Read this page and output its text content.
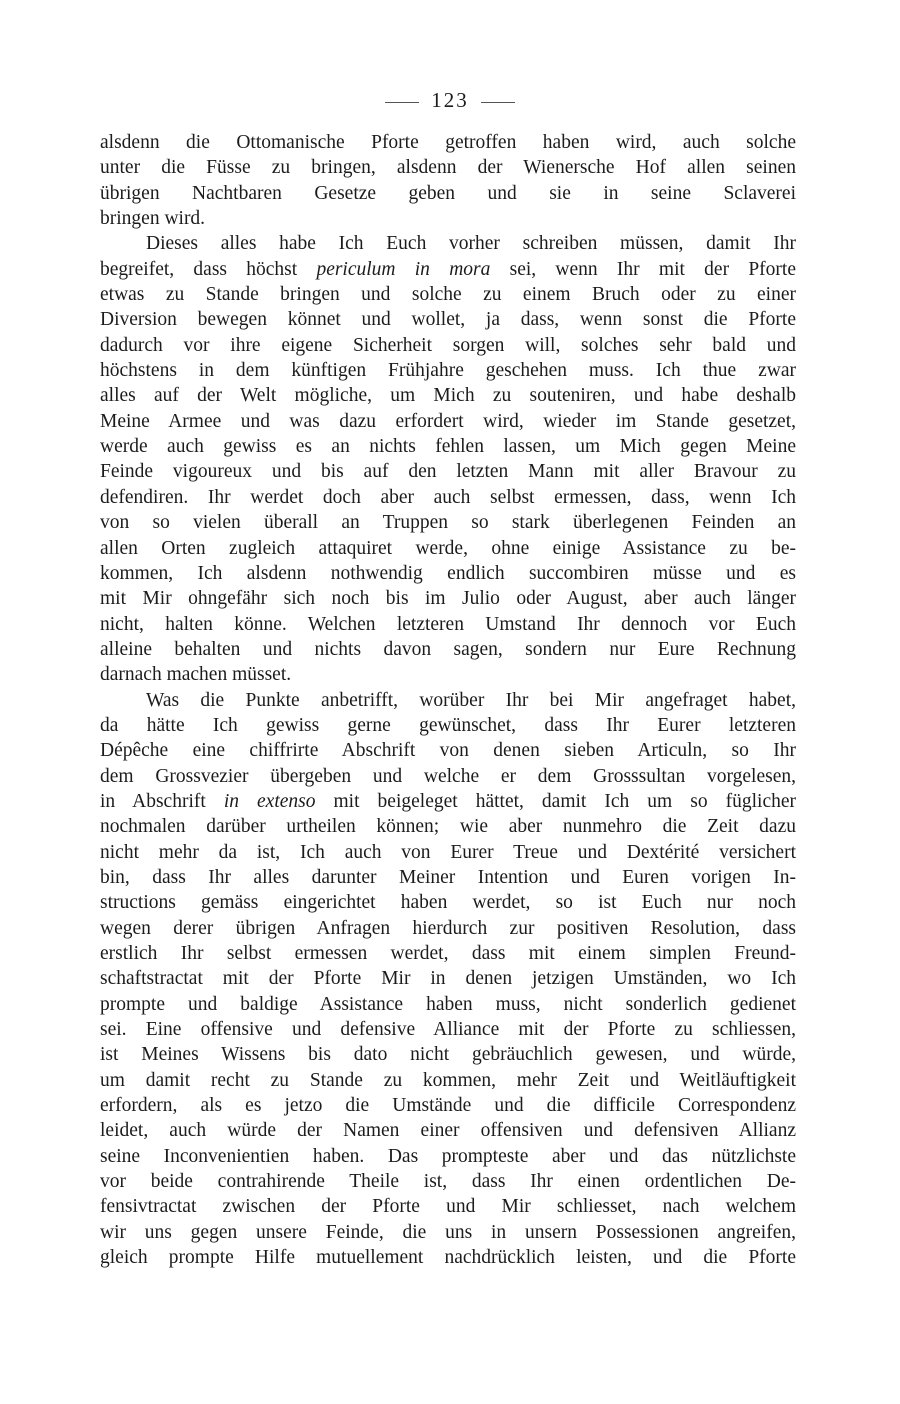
123
alsdenn die Ottomanische Pforte getroffen haben wird, auch solche
unter die Füsse zu bringen, alsdenn der Wienersche Hof allen seinen
übrigen Nachtbaren Gesetze geben und sie in seine Sclaverei
bringen wird.
Dieses alles habe Ich Euch vorher schreiben müssen, damit Ihr
begreifet, dass höchst periculum in mora sei, wenn Ihr mit der Pforte
etwas zu Stande bringen und solche zu einem Bruch oder zu einer
Diversion bewegen könnet und wollet, ja dass, wenn sonst die Pforte
dadurch vor ihre eigene Sicherheit sorgen will, solches sehr bald und
höchstens in dem künftigen Frühjahre geschehen muss. Ich thue zwar
alles auf der Welt mögliche, um Mich zu souteniren, und habe deshalb
Meine Armee und was dazu erfordert wird, wieder im Stande gesetzet,
werde auch gewiss es an nichts fehlen lassen, um Mich gegen Meine
Feinde vigoureux und bis auf den letzten Mann mit aller Bravour zu
defendiren. Ihr werdet doch aber auch selbst ermessen, dass, wenn Ich
von so vielen überall an Truppen so stark überlegenen Feinden an
allen Orten zugleich attaquiret werde, ohne einige Assistance zu be-
kommen, Ich alsdenn nothwendig endlich succombiren müsse und es
mit Mir ohngefähr sich noch bis im Julio oder August, aber auch länger
nicht, halten könne. Welchen letzteren Umstand Ihr dennoch vor Euch
alleine behalten und nichts davon sagen, sondern nur Eure Rechnung
darnach machen müsset.
Was die Punkte anbetrifft, worüber Ihr bei Mir angefraget habet,
da hätte Ich gewiss gerne gewünschet, dass Ihr Eurer letzteren
Dépêche eine chiffrirte Abschrift von denen sieben Articuln, so Ihr
dem Grossvezier übergeben und welche er dem Grosssultan vorgelesen,
in Abschrift in extenso mit beigeleget hättet, damit Ich um so füglicher
nochmalen darüber urtheilen können; wie aber nunmehro die Zeit dazu
nicht mehr da ist, Ich auch von Eurer Treue und Dextérité versichert
bin, dass Ihr alles darunter Meiner Intention und Euren vorigen In-
structions gemäss eingerichtet haben werdet, so ist Euch nur noch
wegen derer übrigen Anfragen hierdurch zur positiven Resolution, dass
erstlich Ihr selbst ermessen werdet, dass mit einem simplen Freund-
schaftstractat mit der Pforte Mir in denen jetzigen Umständen, wo Ich
prompte und baldige Assistance haben muss, nicht sonderlich gedienet
sei. Eine offensive und defensive Alliance mit der Pforte zu schliessen,
ist Meines Wissens bis dato nicht gebräuchlich gewesen, und würde,
um damit recht zu Stande zu kommen, mehr Zeit und Weitläuftigkeit
erfordern, als es jetzo die Umstände und die difficile Correspondenz
leidet, auch würde der Namen einer offensiven und defensiven Allianz
seine Inconvenientien haben. Das prompteste aber und das nützlichste
vor beide contrahirende Theile ist, dass Ihr einen ordentlichen De-
fensivtractat zwischen der Pforte und Mir schliesset, nach welchem
wir uns gegen unsere Feinde, die uns in unsern Possessionen angreifen,
gleich prompte Hilfe mutuellement nachdrücklich leisten, und die Pforte
